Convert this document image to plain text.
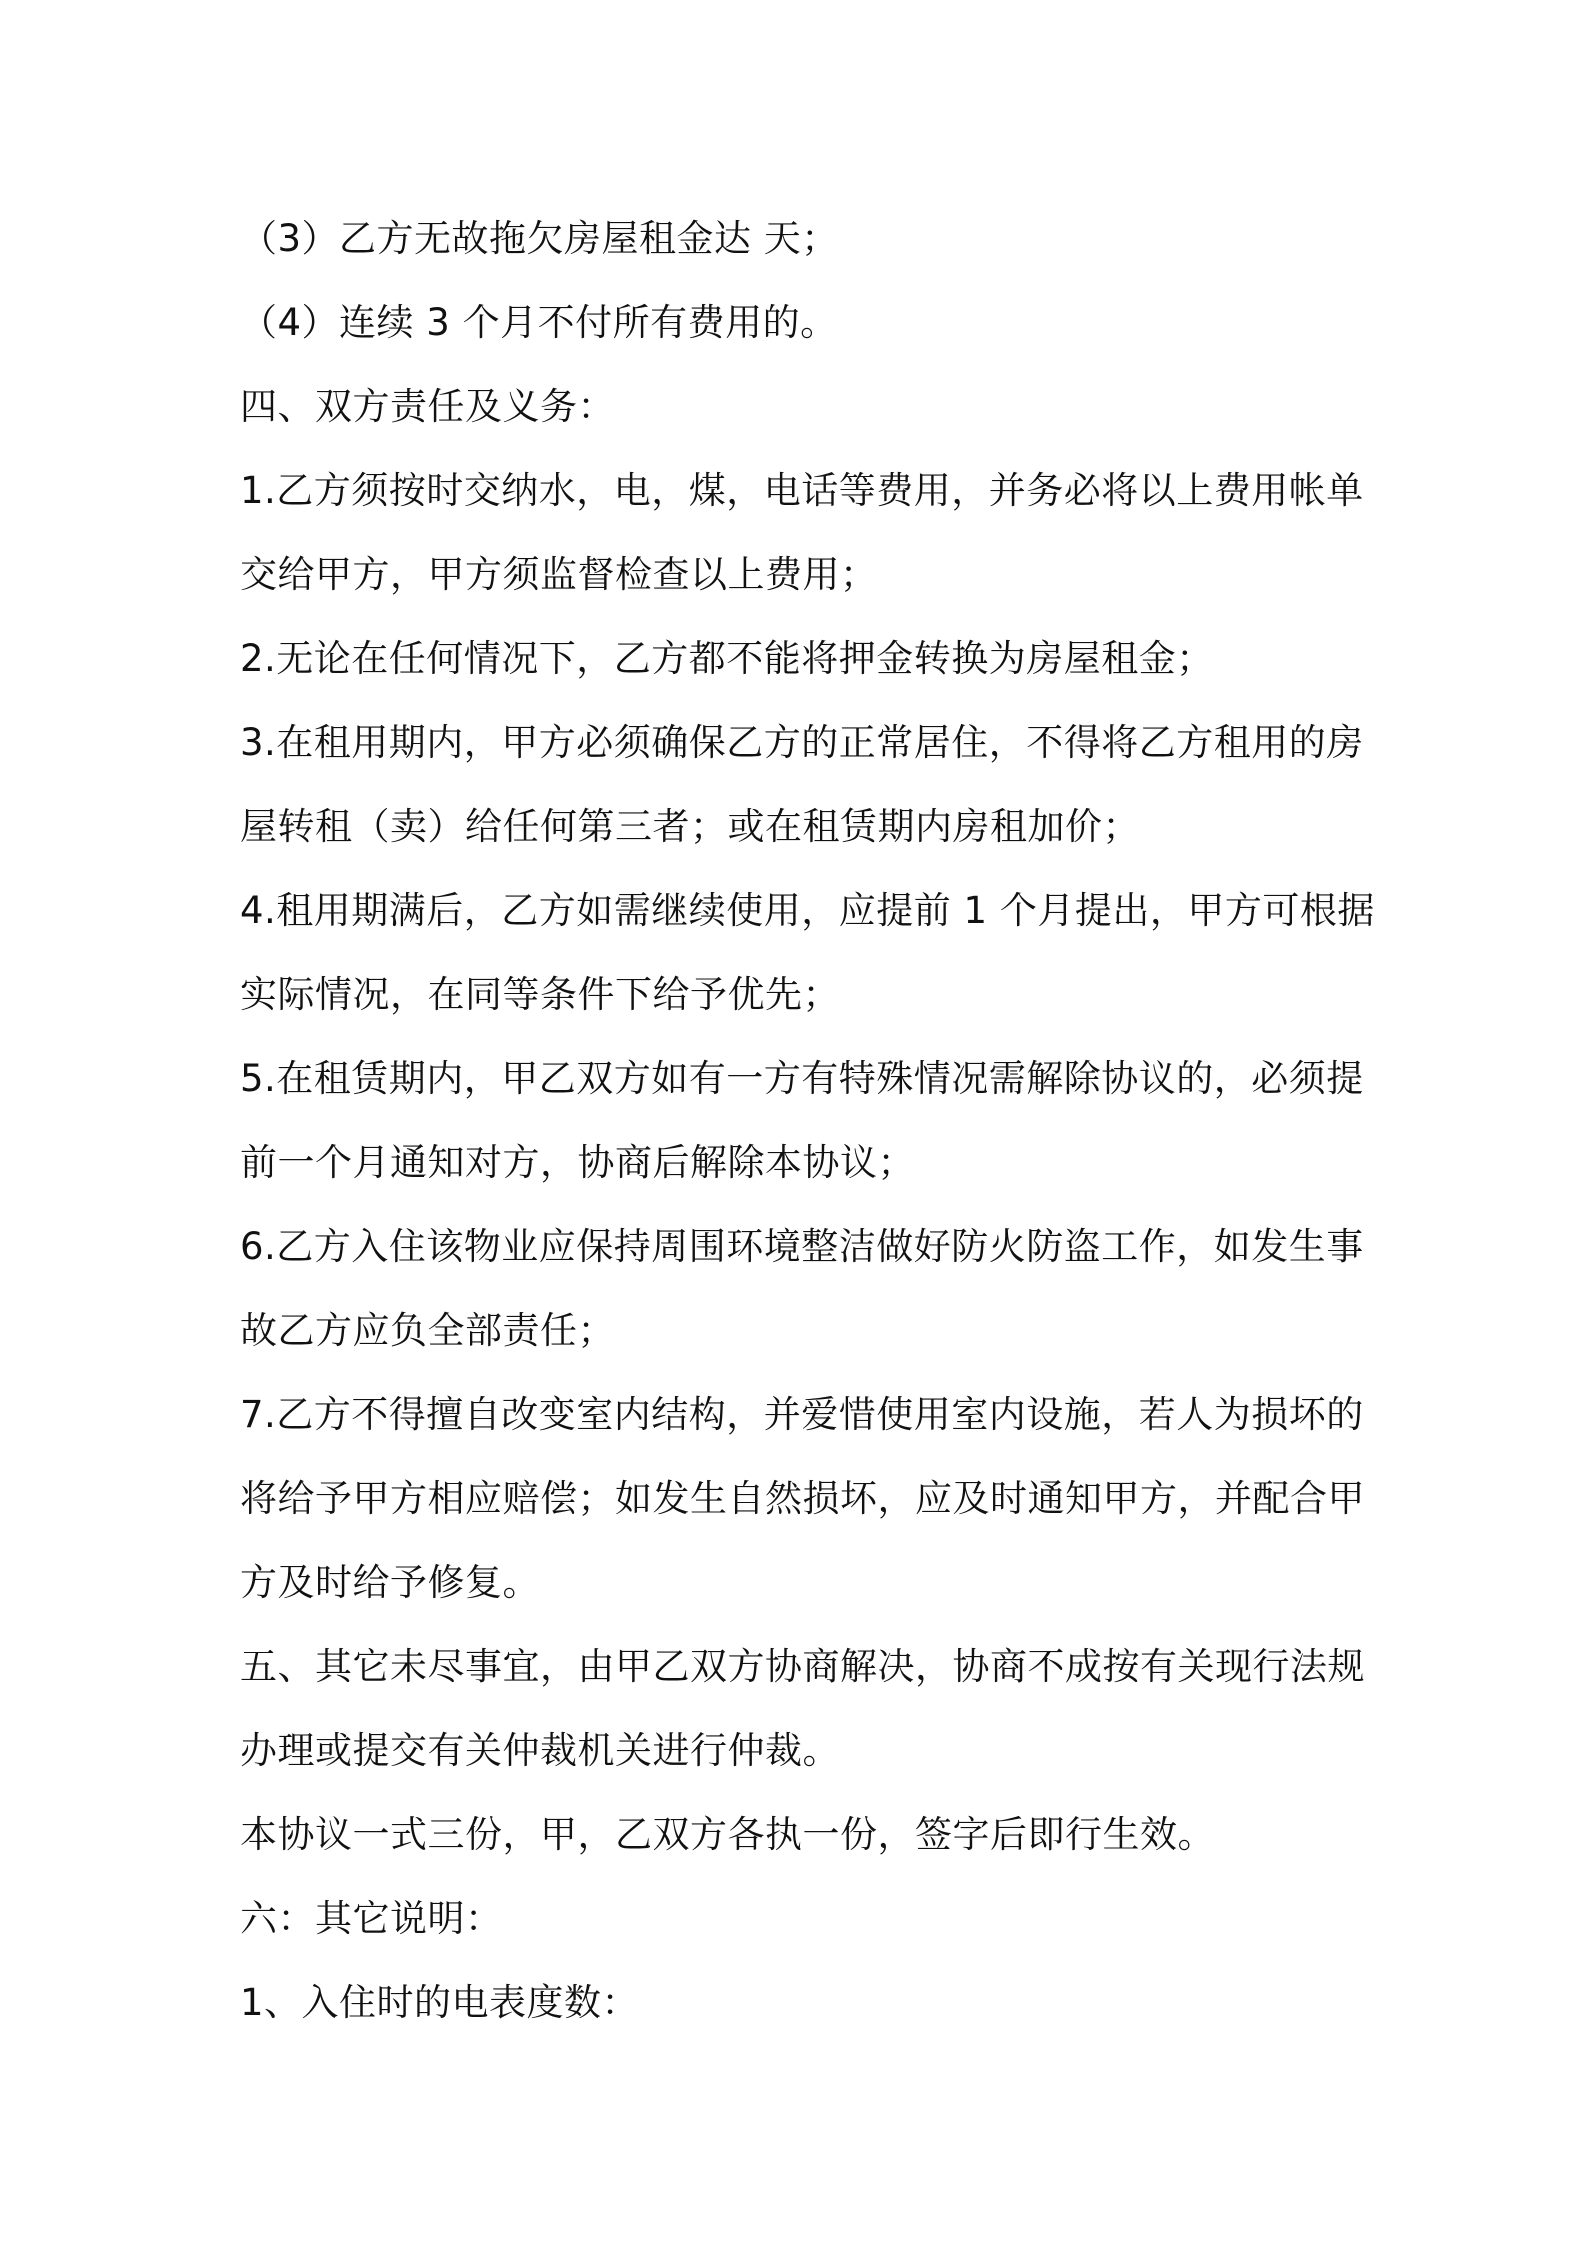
（3）乙方无故拖欠房屋租金达 天；
（4）连续 3 个月不付所有费用的。
四、双方责任及义务：
1.乙方须按时交纳水，电，煤，电话等费用，并务必将以上费用帐单
交给甲方，甲方须监督检查以上费用；
2.无论在任何情况下，乙方都不能将押金转换为房屋租金；
3.在租用期内，甲方必须确保乙方的正常居住，不得将乙方租用的房
屋转租（卖）给任何第三者；或在租赁期内房租加价；
4.租用期满后，乙方如需继续使用，应提前 1 个月提出，甲方可根据
实际情况，在同等条件下给予优先；
5.在租赁期内，甲乙双方如有一方有特殊情况需解除协议的，必须提
前一个月通知对方，协商后解除本协议；
6.乙方入住该物业应保持周围环境整洁做好防火防盗工作，如发生事
故乙方应负全部责任；
7.乙方不得擅自改变室内结构，并爱惜使用室内设施，若人为损坏的
将给予甲方相应赔偿；如发生自然损坏，应及时通知甲方，并配合甲
方及时给予修复。
五、其它未尽事宜，由甲乙双方协商解决，协商不成按有关现行法规
办理或提交有关仲裁机关进行仲裁。
本协议一式三份，甲，乙双方各执一份，签字后即行生效。
六：其它说明：
1、入住时的电表度数：
